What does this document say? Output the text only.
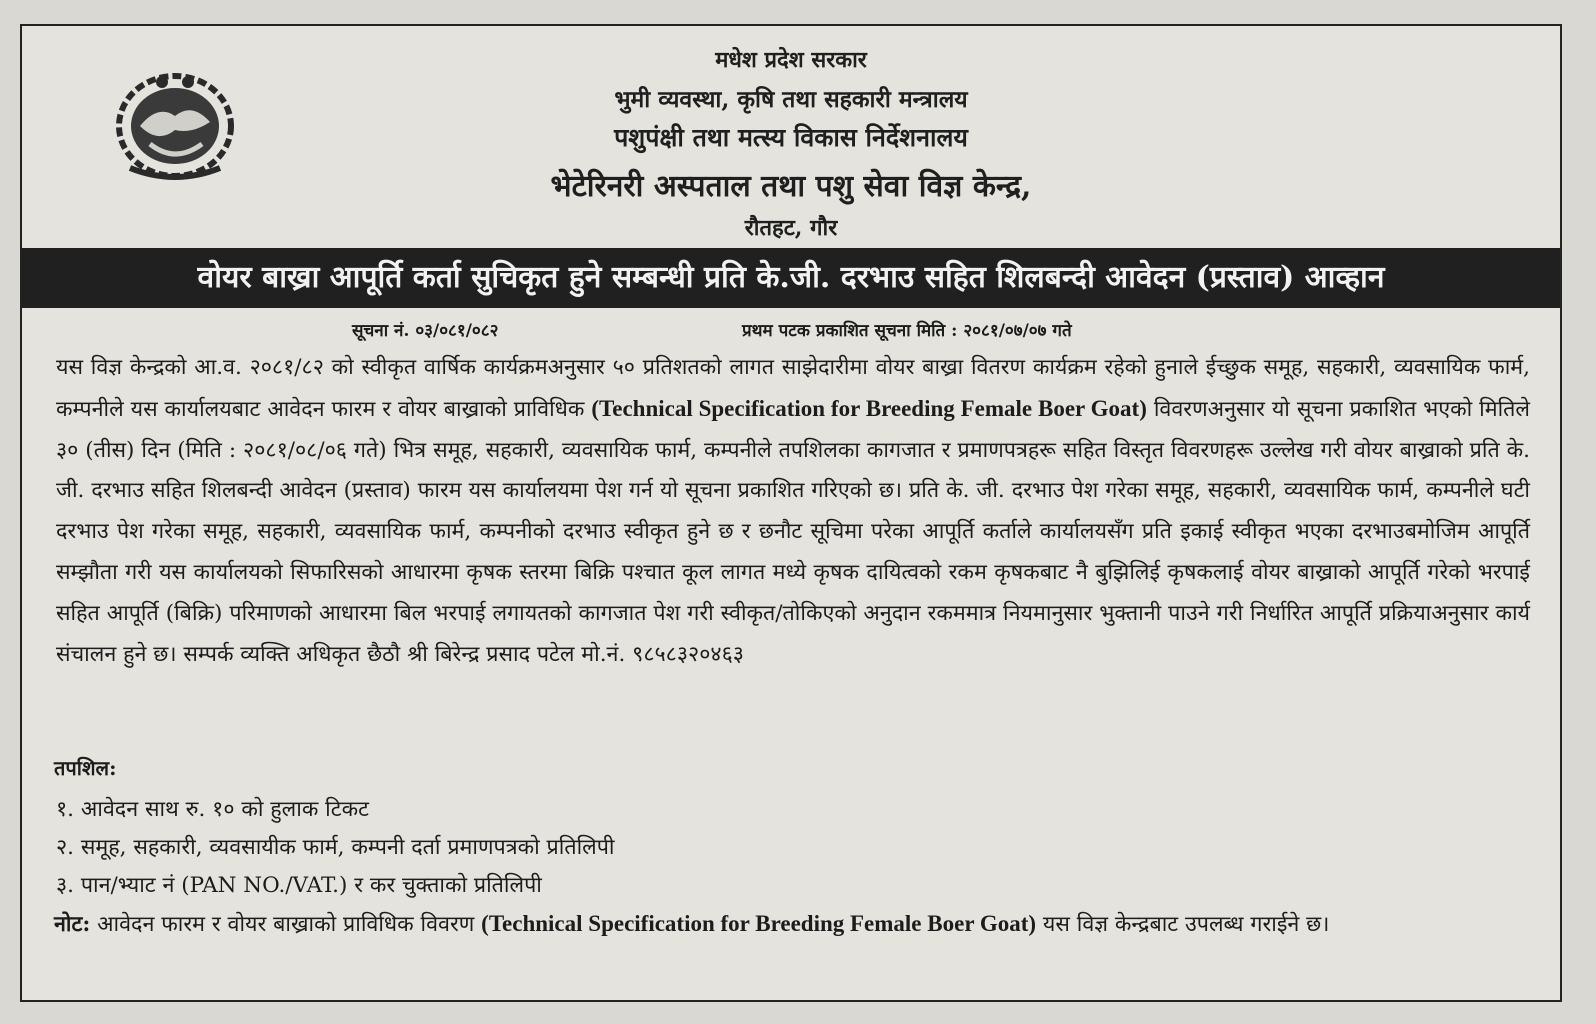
मधेश प्रदेश सरकार
भुमी व्यवस्था, कृषि तथा सहकारी मन्त्रालय
पशुपंक्षी तथा मत्स्य विकास निर्देशनालय
भेटेरिनरी अस्पताल तथा पशु सेवा विज्ञ केन्द्र,
रौतहट, गौर
वोयर बाख्रा आपूर्ति कर्ता सुचिकृत हुने सम्बन्धी प्रति के.जी. दरभाउ सहित शिलबन्दी आवेदन (प्रस्ताव) आव्हान
सूचना नं. ०३/०८१/०८२	प्रथम पटक प्रकाशित सूचना मिति : २०८१/०७/०७ गते
यस विज्ञ केन्द्रको आ.व. २०८१/८२ को स्वीकृत वार्षिक कार्यक्रमअनुसार ५० प्रतिशतको लागत साझेदारीमा वोयर बाख्रा वितरण कार्यक्रम रहेको हुनाले ईच्छुक समूह, सहकारी, व्यवसायिक फार्म, कम्पनीले यस कार्यालयबाट आवेदन फारम र वोयर बाख्राको प्राविधिक (Technical Specification for Breeding Female Boer Goat) विवरणअनुसार यो सूचना प्रकाशित भएको मितिले ३० (तीस) दिन (मिति : २०८१/०८/०६ गते) भित्र समूह, सहकारी, व्यवसायिक फार्म, कम्पनीले तपशिलका कागजात र प्रमाणपत्रहरू सहित विस्तृत विवरणहरू उल्लेख गरी वोयर बाख्राको प्रति के. जी. दरभाउ सहित शिलबन्दी आवेदन (प्रस्ताव) फारम यस कार्यालयमा पेश गर्न यो सूचना प्रकाशित गरिएको छ। प्रति के. जी. दरभाउ पेश गरेका समूह, सहकारी, व्यवसायिक फार्म, कम्पनीले घटी दरभाउ पेश गरेका समूह, सहकारी, व्यवसायिक फार्म, कम्पनीको दरभाउ स्वीकृत हुने छ र छनौट सूचिमा परेका आपूर्ति कर्ताले कार्यालयसँग प्रति इकाई स्वीकृत भएका दरभाउबमोजिम आपूर्ति सम्झौता गरी यस कार्यालयको सिफारिसको आधारमा कृषक स्तरमा बिक्रि पश्चात कूल लागत मध्ये कृषक दायित्वको रकम कृषकबाट नै बुझिलिई कृषकलाई वोयर बाख्राको आपूर्ति गरेको भरपाई सहित आपूर्ति (बिक्रि) परिमाणको आधारमा बिल भरपाई लगायतको कागजात पेश गरी स्वीकृत/तोकिएको अनुदान रकममात्र नियमानुसार भुक्तानी पाउने गरी निर्धारित आपूर्ति प्रक्रियाअनुसार कार्य संचालन हुने छ। सम्पर्क व्यक्ति अधिकृत छैठौ श्री बिरेन्द्र प्रसाद पटेल मो.नं. ९८५८३२०४६३
तपशिल:
१. आवेदन साथ रु. १० को हुलाक टिकट
२. समूह, सहकारी, व्यवसायीक फार्म, कम्पनी दर्ता प्रमाणपत्रको प्रतिलिपी
३. पान/भ्याट नं (PAN NO./VAT.) र कर चुक्ताको प्रतिलिपी
नोट: आवेदन फारम र वोयर बाख्राको प्राविधिक विवरण (Technical Specification for Breeding Female Boer Goat) यस विज्ञ केन्द्रबाट उपलब्ध गराईने छ।
